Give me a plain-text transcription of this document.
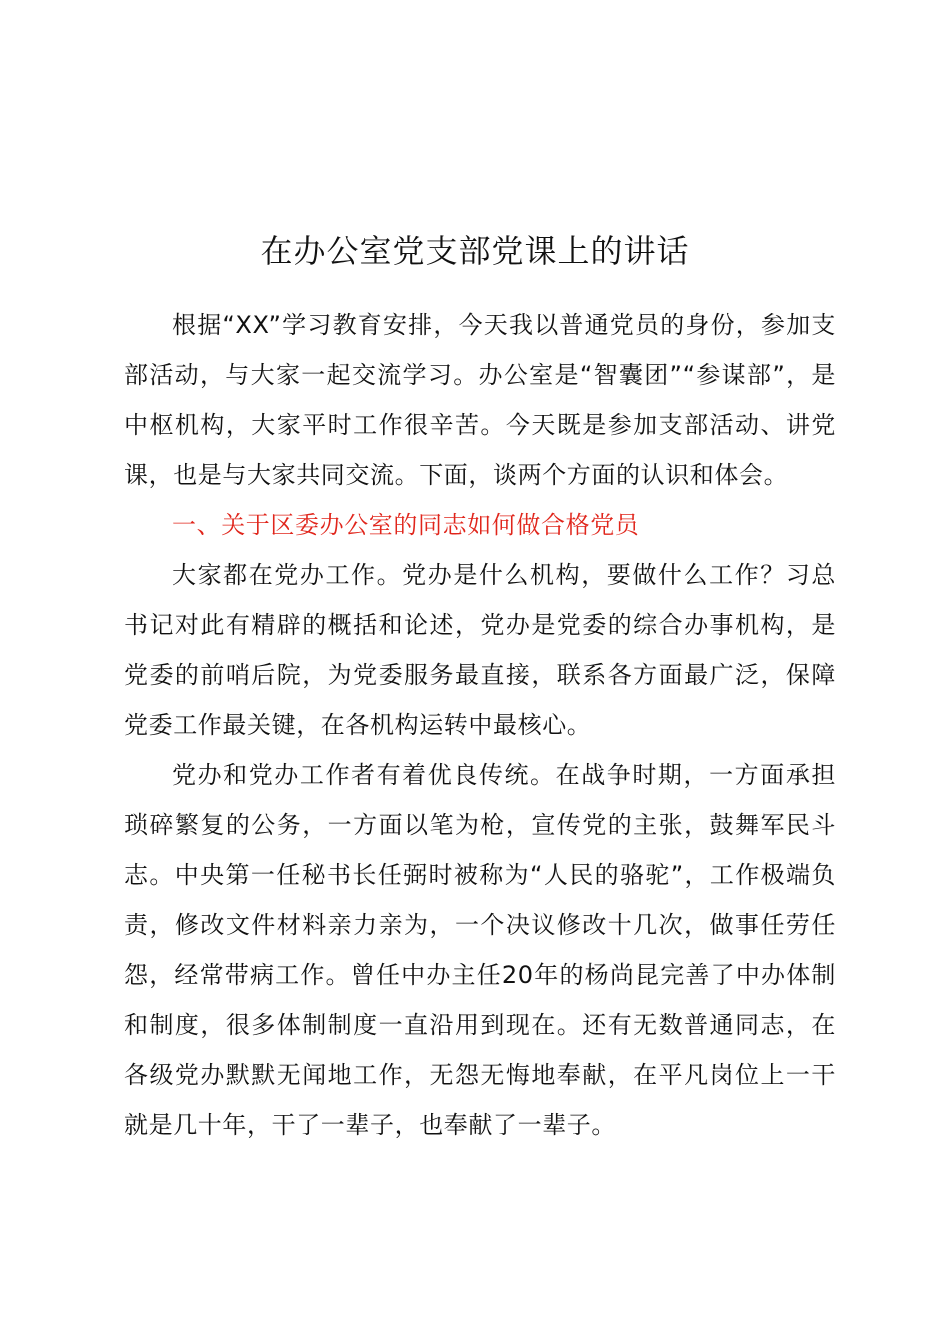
在办公室党支部党课上的讲话

根据“XX”学习教育安排，今天我以普通党员的身份，参加支部活动，与大家一起交流学习。办公室是“智囊团”“参谋部”，是中枢机构，大家平时工作很辛苦。今天既是参加支部活动、讲党课，也是与大家共同交流。下面，谈两个方面的认识和体会。

一、关于区委办公室的同志如何做合格党员

大家都在党办工作。党办是什么机构，要做什么工作？习总书记对此有精辟的概括和论述，党办是党委的综合办事机构，是党委的前哨后院，为党委服务最直接，联系各方面最广泛，保障党委工作最关键，在各机构运转中最核心。

党办和党办工作者有着优良传统。在战争时期，一方面承担琐碎繁复的公务，一方面以笔为枪，宣传党的主张，鼓舞军民斗志。中央第一任秘书长任弼时被称为“人民的骆驼”，工作极端负责，修改文件材料亲力亲为，一个决议修改十几次，做事任劳任怨，经常带病工作。曾任中办主任20年的杨尚昆完善了中办体制和制度，很多体制制度一直沿用到现在。还有无数普通同志，在各级党办默默无闻地工作，无怨无悔地奉献，在平凡岗位上一干就是几十年，干了一辈子，也奉献了一辈子。
